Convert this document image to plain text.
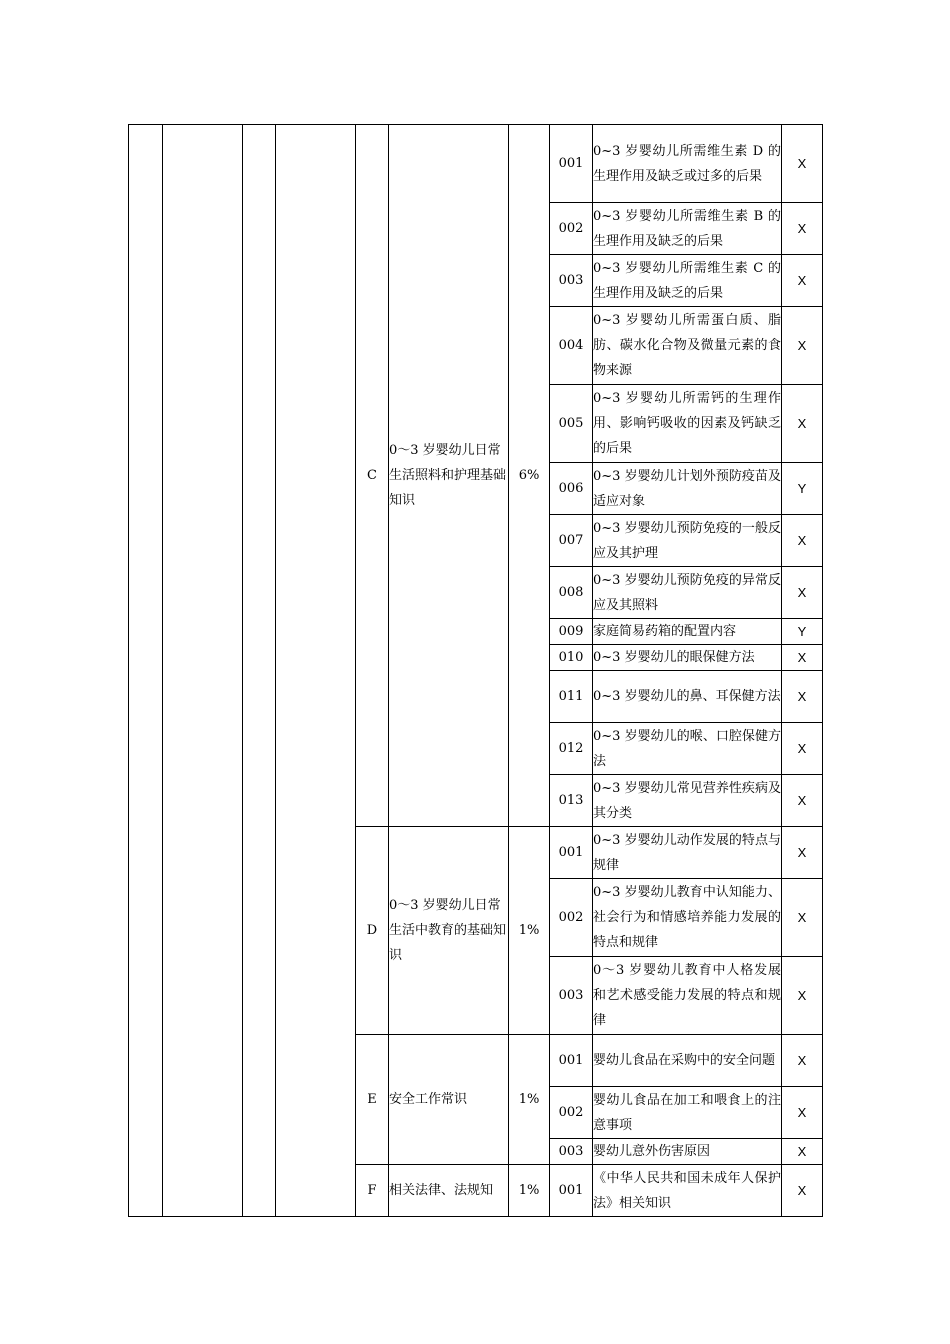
				C	0～3 岁婴幼儿日常生活照料和护理基础知识	6%	001	0~3 岁婴幼儿所需维生素 D 的生理作用及缺乏或过多的后果	X
							002	0~3 岁婴幼儿所需维生素 B 的生理作用及缺乏的后果	X
							003	0~3 岁婴幼儿所需维生素 C 的生理作用及缺乏的后果	X
							004	0~3 岁婴幼儿所需蛋白质、脂肪、碳水化合物及微量元素的食物来源	X
							005	0~3 岁婴幼儿所需钙的生理作用、影响钙吸收的因素及钙缺乏的后果	X
							006	0~3 岁婴幼儿计划外预防疫苗及适应对象	Y
							007	0~3 岁婴幼儿预防免疫的一般反应及其护理	X
							008	0~3 岁婴幼儿预防免疫的异常反应及其照料	X
							009	家庭简易药箱的配置内容	Y
							010	0~3 岁婴幼儿的眼保健方法	X
							011	0~3 岁婴幼儿的鼻、耳保健方法	X
							012	0~3 岁婴幼儿的喉、口腔保健方法	X
							013	0~3 岁婴幼儿常见营养性疾病及其分类	X
				D	0～3 岁婴幼儿日常生活中教育的基础知识	1%	001	0~3 岁婴幼儿动作发展的特点与规律	X
							002	0~3 岁婴幼儿教育中认知能力、社会行为和情感培养能力发展的特点和规律	X
							003	0～3 岁婴幼儿教育中人格发展和艺术感受能力发展的特点和规律	X
				E	安全工作常识	1%	001	婴幼儿食品在采购中的安全问题	X
							002	婴幼儿食品在加工和喂食上的注意事项	X
							003	婴幼儿意外伤害原因	X
				F	相关法律、法规知	1%	001	《中华人民共和国未成年人保护法》相关知识	X
